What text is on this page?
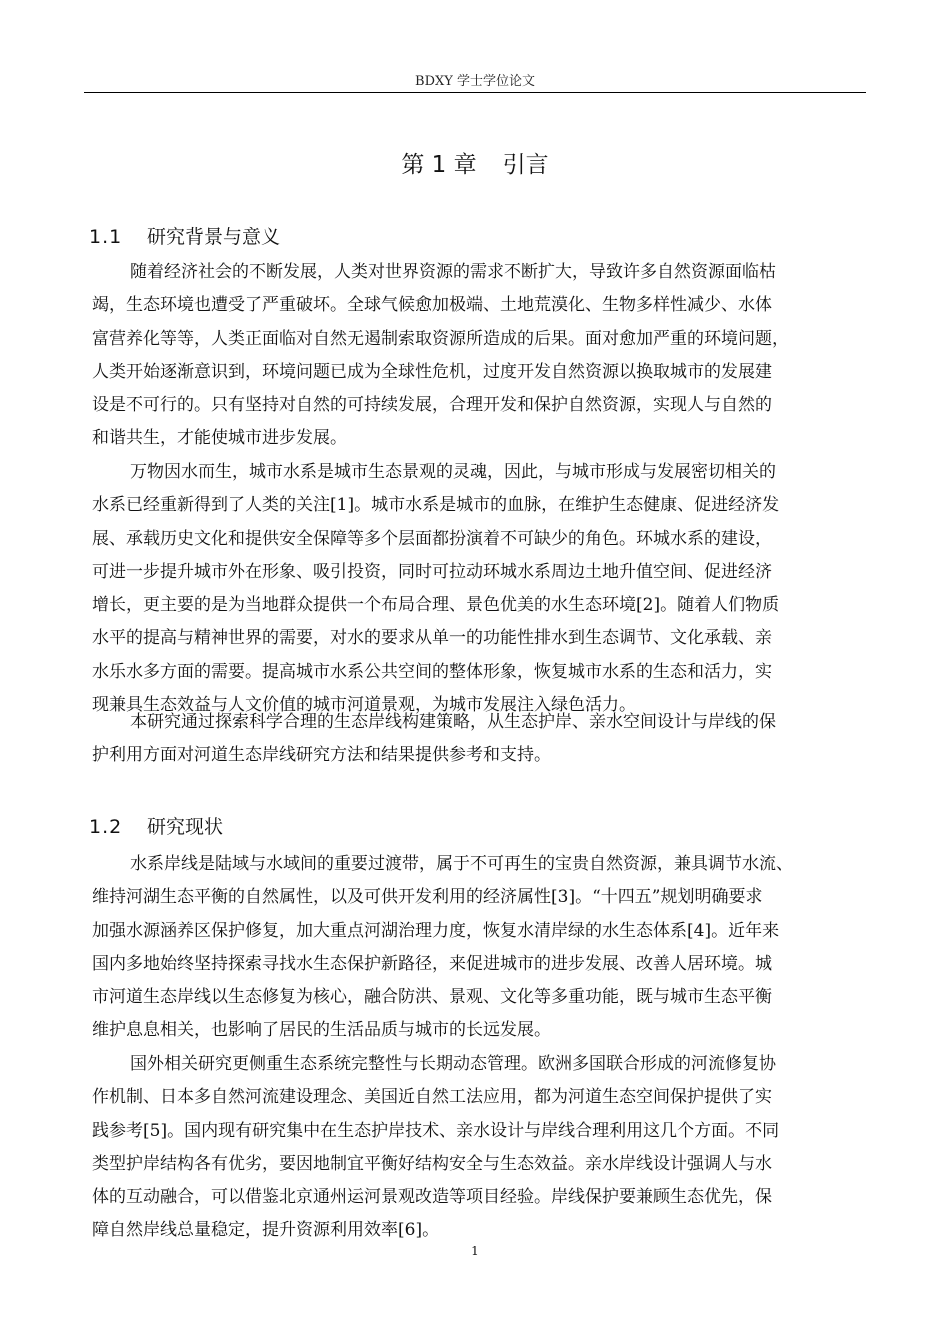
BDXY 学士学位论文
第 1 章 引言
1.1 研究背景与意义
随着经济社会的不断发展，人类对世界资源的需求不断扩大，导致许多自然资源面临枯
竭，生态环境也遭受了严重破坏。全球气候愈加极端、土地荒漠化、生物多样性减少、水体
富营养化等等，人类正面临对自然无遏制索取资源所造成的后果。面对愈加严重的环境问题，
人类开始逐渐意识到，环境问题已成为全球性危机，过度开发自然资源以换取城市的发展建
设是不可行的。只有坚持对自然的可持续发展，合理开发和保护自然资源，实现人与自然的
和谐共生，才能使城市进步发展。
万物因水而生，城市水系是城市生态景观的灵魂，因此，与城市形成与发展密切相关的
水系已经重新得到了人类的关注[1]。城市水系是城市的血脉，在维护生态健康、促进经济发
展、承载历史文化和提供安全保障等多个层面都扮演着不可缺少的角色。环城水系的建设，
可进一步提升城市外在形象、吸引投资，同时可拉动环城水系周边土地升值空间、促进经济
增长，更主要的是为当地群众提供一个布局合理、景色优美的水生态环境[2]。随着人们物质
水平的提高与精神世界的需要，对水的要求从单一的功能性排水到生态调节、文化承载、亲
水乐水多方面的需要。提高城市水系公共空间的整体形象，恢复城市水系的生态和活力，实
现兼具生态效益与人文价值的城市河道景观，为城市发展注入绿色活力。
本研究通过探索科学合理的生态岸线构建策略，从生态护岸、亲水空间设计与岸线的保
护利用方面对河道生态岸线研究方法和结果提供参考和支持。
1.2 研究现状
水系岸线是陆域与水域间的重要过渡带，属于不可再生的宝贵自然资源，兼具调节水流、
维持河湖生态平衡的自然属性，以及可供开发利用的经济属性[3]。“十四五”规划明确要求
加强水源涵养区保护修复，加大重点河湖治理力度，恢复水清岸绿的水生态体系[4]。近年来
国内多地始终坚持探索寻找水生态保护新路径，来促进城市的进步发展、改善人居环境。城
市河道生态岸线以生态修复为核心，融合防洪、景观、文化等多重功能，既与城市生态平衡
维护息息相关，也影响了居民的生活品质与城市的长远发展。
国外相关研究更侧重生态系统完整性与长期动态管理。欧洲多国联合形成的河流修复协
作机制、日本多自然河流建设理念、美国近自然工法应用，都为河道生态空间保护提供了实
践参考[5]。国内现有研究集中在生态护岸技术、亲水设计与岸线合理利用这几个方面。不同
类型护岸结构各有优劣，要因地制宜平衡好结构安全与生态效益。亲水岸线设计强调人与水
体的互动融合，可以借鉴北京通州运河景观改造等项目经验。岸线保护要兼顾生态优先，保
障自然岸线总量稳定，提升资源利用效率[6]。
1
